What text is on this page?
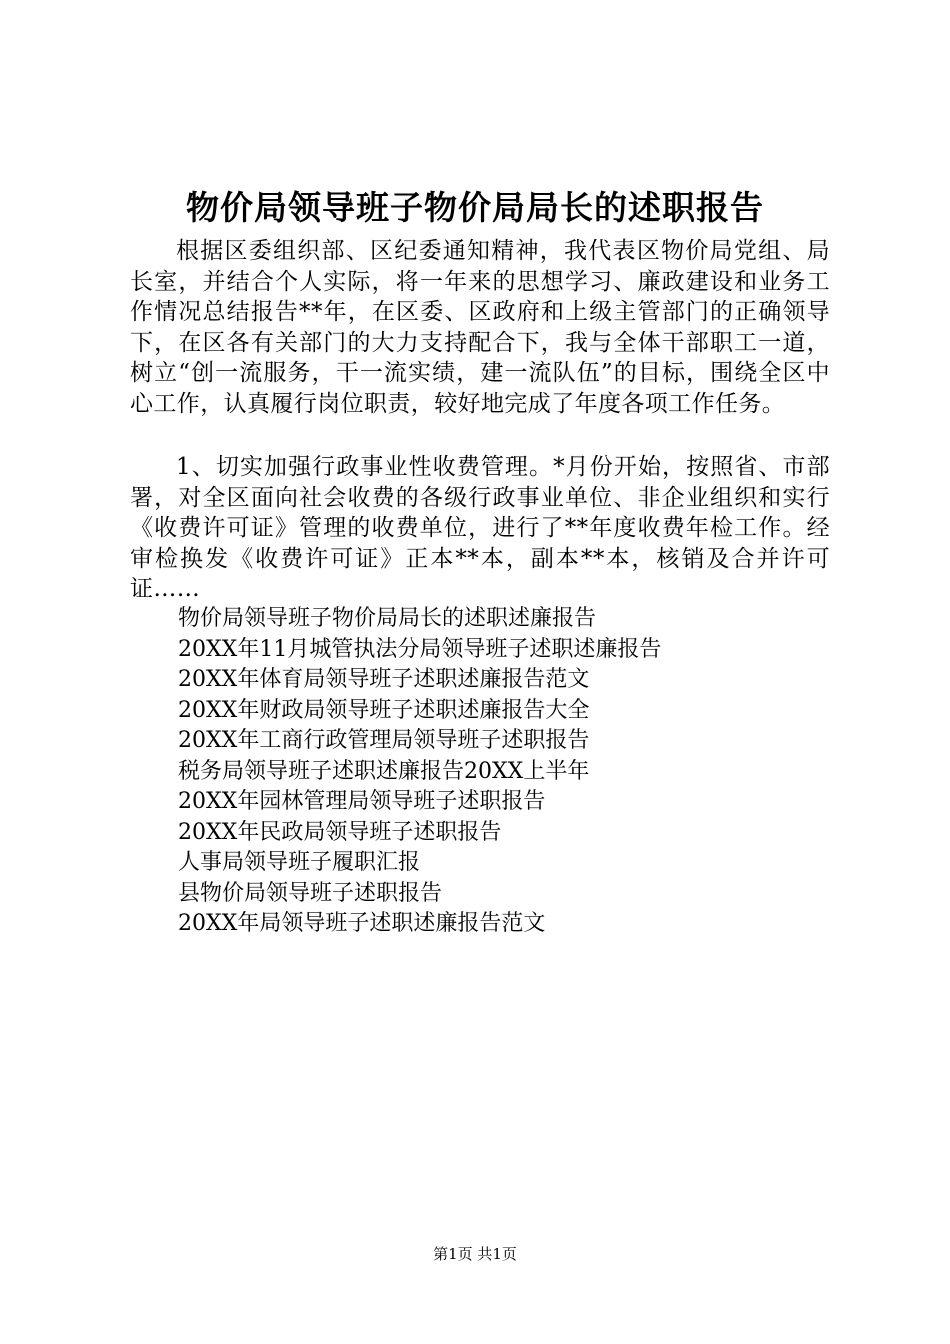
物价局领导班子物价局局长的述职报告

根据区委组织部、区纪委通知精神，我代表区物价局党组、局长室，并结合个人实际，将一年来的思想学习、廉政建设和业务工作情况总结报告**年，在区委、区政府和上级主管部门的正确领导下，在区各有关部门的大力支持配合下，我与全体干部职工一道，树立“创一流服务，干一流实绩，建一流队伍”的目标，围绕全区中心工作，认真履行岗位职责，较好地完成了年度各项工作任务。

1、切实加强行政事业性收费管理。*月份开始，按照省、市部署，对全区面向社会收费的各级行政事业单位、非企业组织和实行《收费许可证》管理的收费单位，进行了**年度收费年检工作。经审检换发《收费许可证》正本**本，副本**本，核销及合并许可证……

物价局领导班子物价局局长的述职述廉报告
20XX年11月城管执法分局领导班子述职述廉报告
20XX年体育局领导班子述职述廉报告范文
20XX年财政局领导班子述职述廉报告大全
20XX年工商行政管理局领导班子述职报告
税务局领导班子述职述廉报告20XX上半年
20XX年园林管理局领导班子述职报告
20XX年民政局领导班子述职报告
人事局领导班子履职汇报
县物价局领导班子述职报告
20XX年局领导班子述职述廉报告范文
第1页 共1页
